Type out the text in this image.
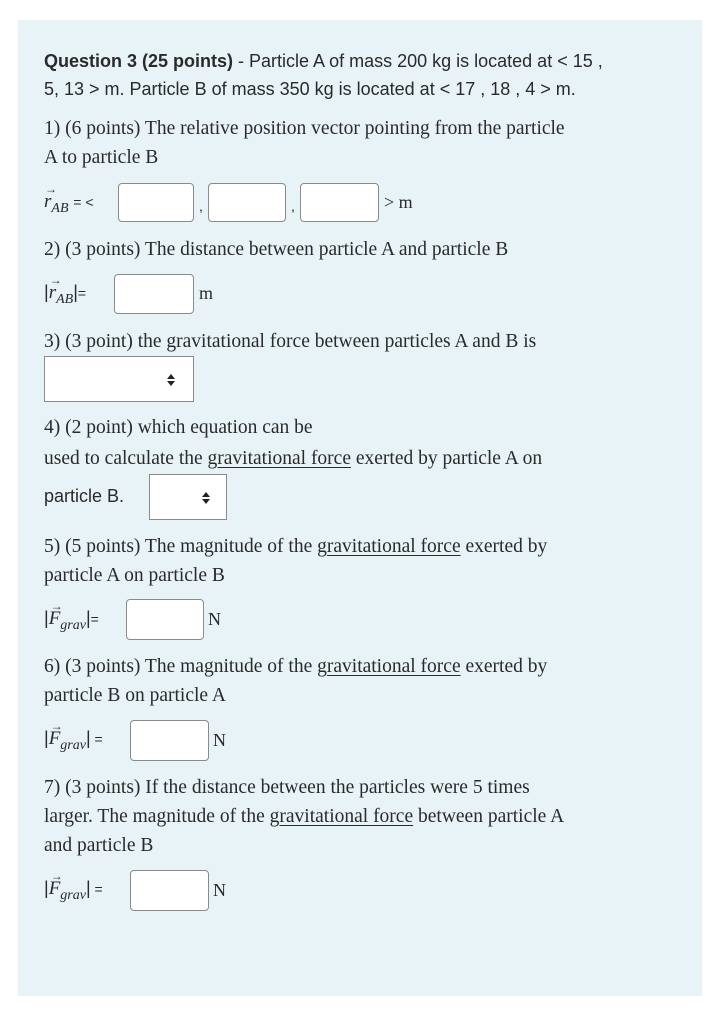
Question 3 (25 points) - Particle A of mass 200 kg is located at < 15 ,
5, 13 > m. Particle B of mass 350 kg is located at < 17 , 18 , 4 > m.
1) (6 points) The relative position vector pointing from the particle
A to particle B
→
$r_{AB}$ = <	,	,	> m
2) (3 points) The distance between particle A and particle B
|
→
$r_{AB}|=$	m
3) (3 point) the gravitational force between particles A and B is
4) (2 point) which equation can be
used to calculate the gravitational force exerted by particle A on
particle B.
5) (5 points) The magnitude of the gravitational force exerted by
particle A on particle B
|
→
$F_{grav}|=$	N
6) (3 points) The magnitude of the gravitational force exerted by
particle B on particle A
|
→
$F_{grav}|$ =	N
7) (3 points) If the distance between the particles were 5 times
larger. The magnitude of the gravitational force between particle A
and particle B
|
→
$F_{grav}|$ =	N
